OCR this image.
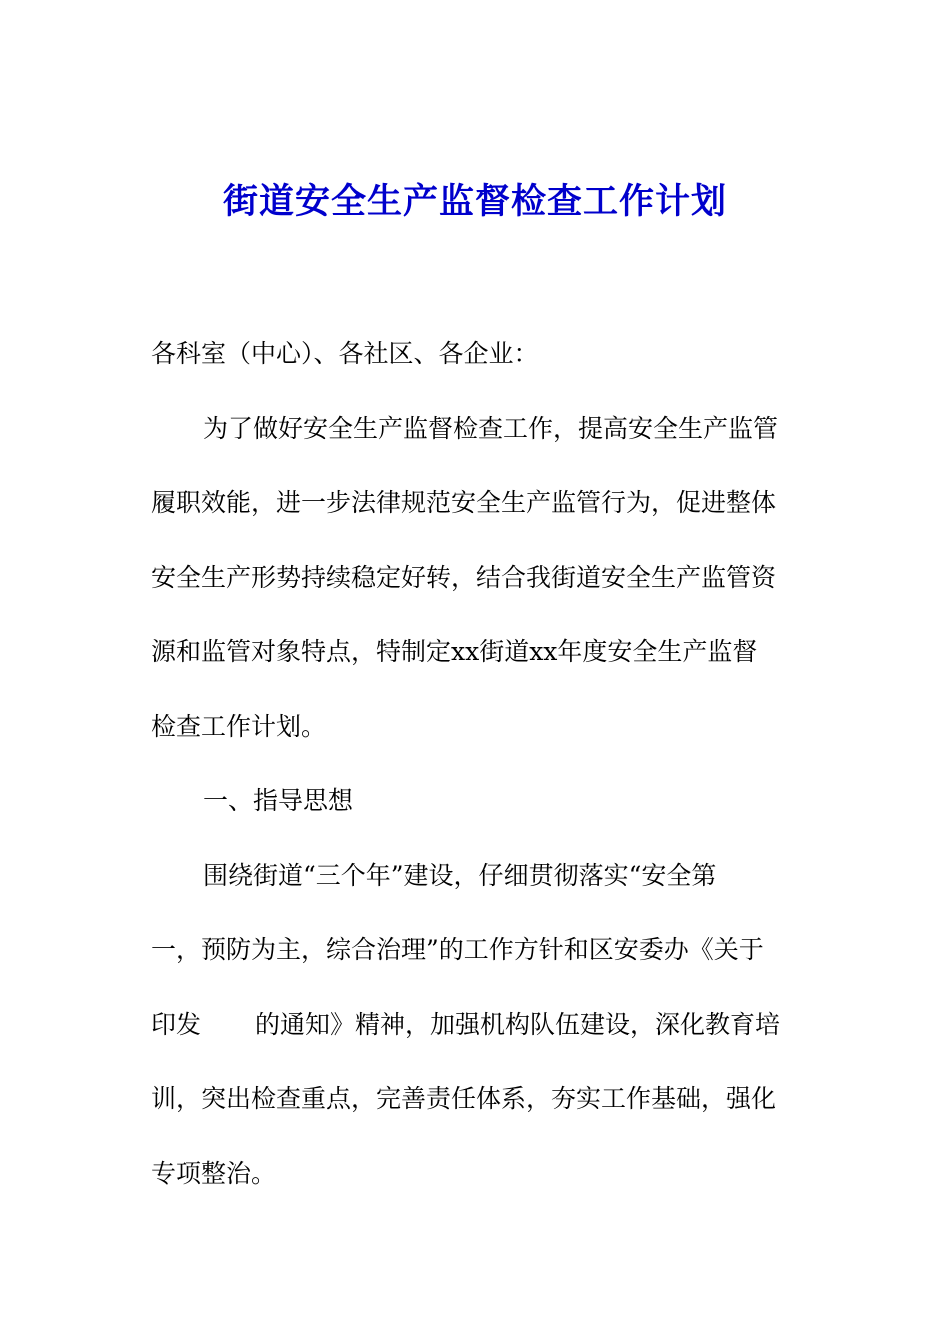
街道安全生产监督检查工作计划
各科室（中心）、各社区、各企业：
为了做好安全生产监督检查工作，提高安全生产监管
履职效能，进一步法律规范安全生产监管行为，促进整体
安全生产形势持续稳定好转，结合我街道安全生产监管资
源和监管对象特点，特制定xx街道xx年度安全生产监督
检查工作计划。
一、指导思想
围绕街道“三个年”建设，仔细贯彻落实“安全第
一，预防为主，综合治理”的工作方针和区安委办《关于
印发 的通知》精神，加强机构队伍建设，深化教育培
训，突出检查重点，完善责任体系，夯实工作基础，强化
专项整治。
